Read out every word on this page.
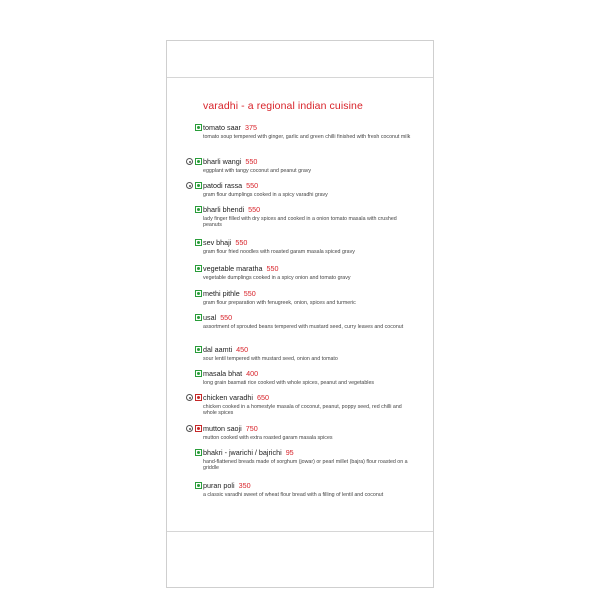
varadhi - a regional indian cuisine
tomato saar 375
tomato soup tempered with ginger, garlic and green chilli finished with fresh coconut milk
bharli wangi 550
eggplant with tangy coconut and peanut gravy
patodi rassa 550
gram flour dumplings cooked in a spicy varadhi gravy
bharli bhendi 550
lady finger filled with dry spices and cooked in a onion tomato masala with crushed peanuts
sev bhaji 550
gram flour fried noodles with roasted garam masala spiced gravy
vegetable maratha 550
vegetable dumplings cooked in a spicy onion and tomato gravy
methi pithle 550
gram flour preparation with fenugreek, onion, spices and turmeric
usal 550
assortment of sprouted beans tempered with mustard seed, curry leaves and coconut
dal aamti 450
sour lentil tempered with mustard seed, onion and tomato
masala bhat 400
long grain basmati rice cooked with whole spices, peanut and vegetables
chicken varadhi 650
chicken cooked in a homestyle masala of coconut, peanut, poppy seed, red chilli and whole spices
mutton saoji 750
mutton cooked with extra roasted garam masala spices
bhakri - jwarichi / bajrichi 95
hand-flattened breads made of sorghum (jowar) or pearl millet (bajra) flour roasted on a griddle
puran poli 350
a classic varadhi sweet of wheat flour bread with a filling of lentil and coconut
